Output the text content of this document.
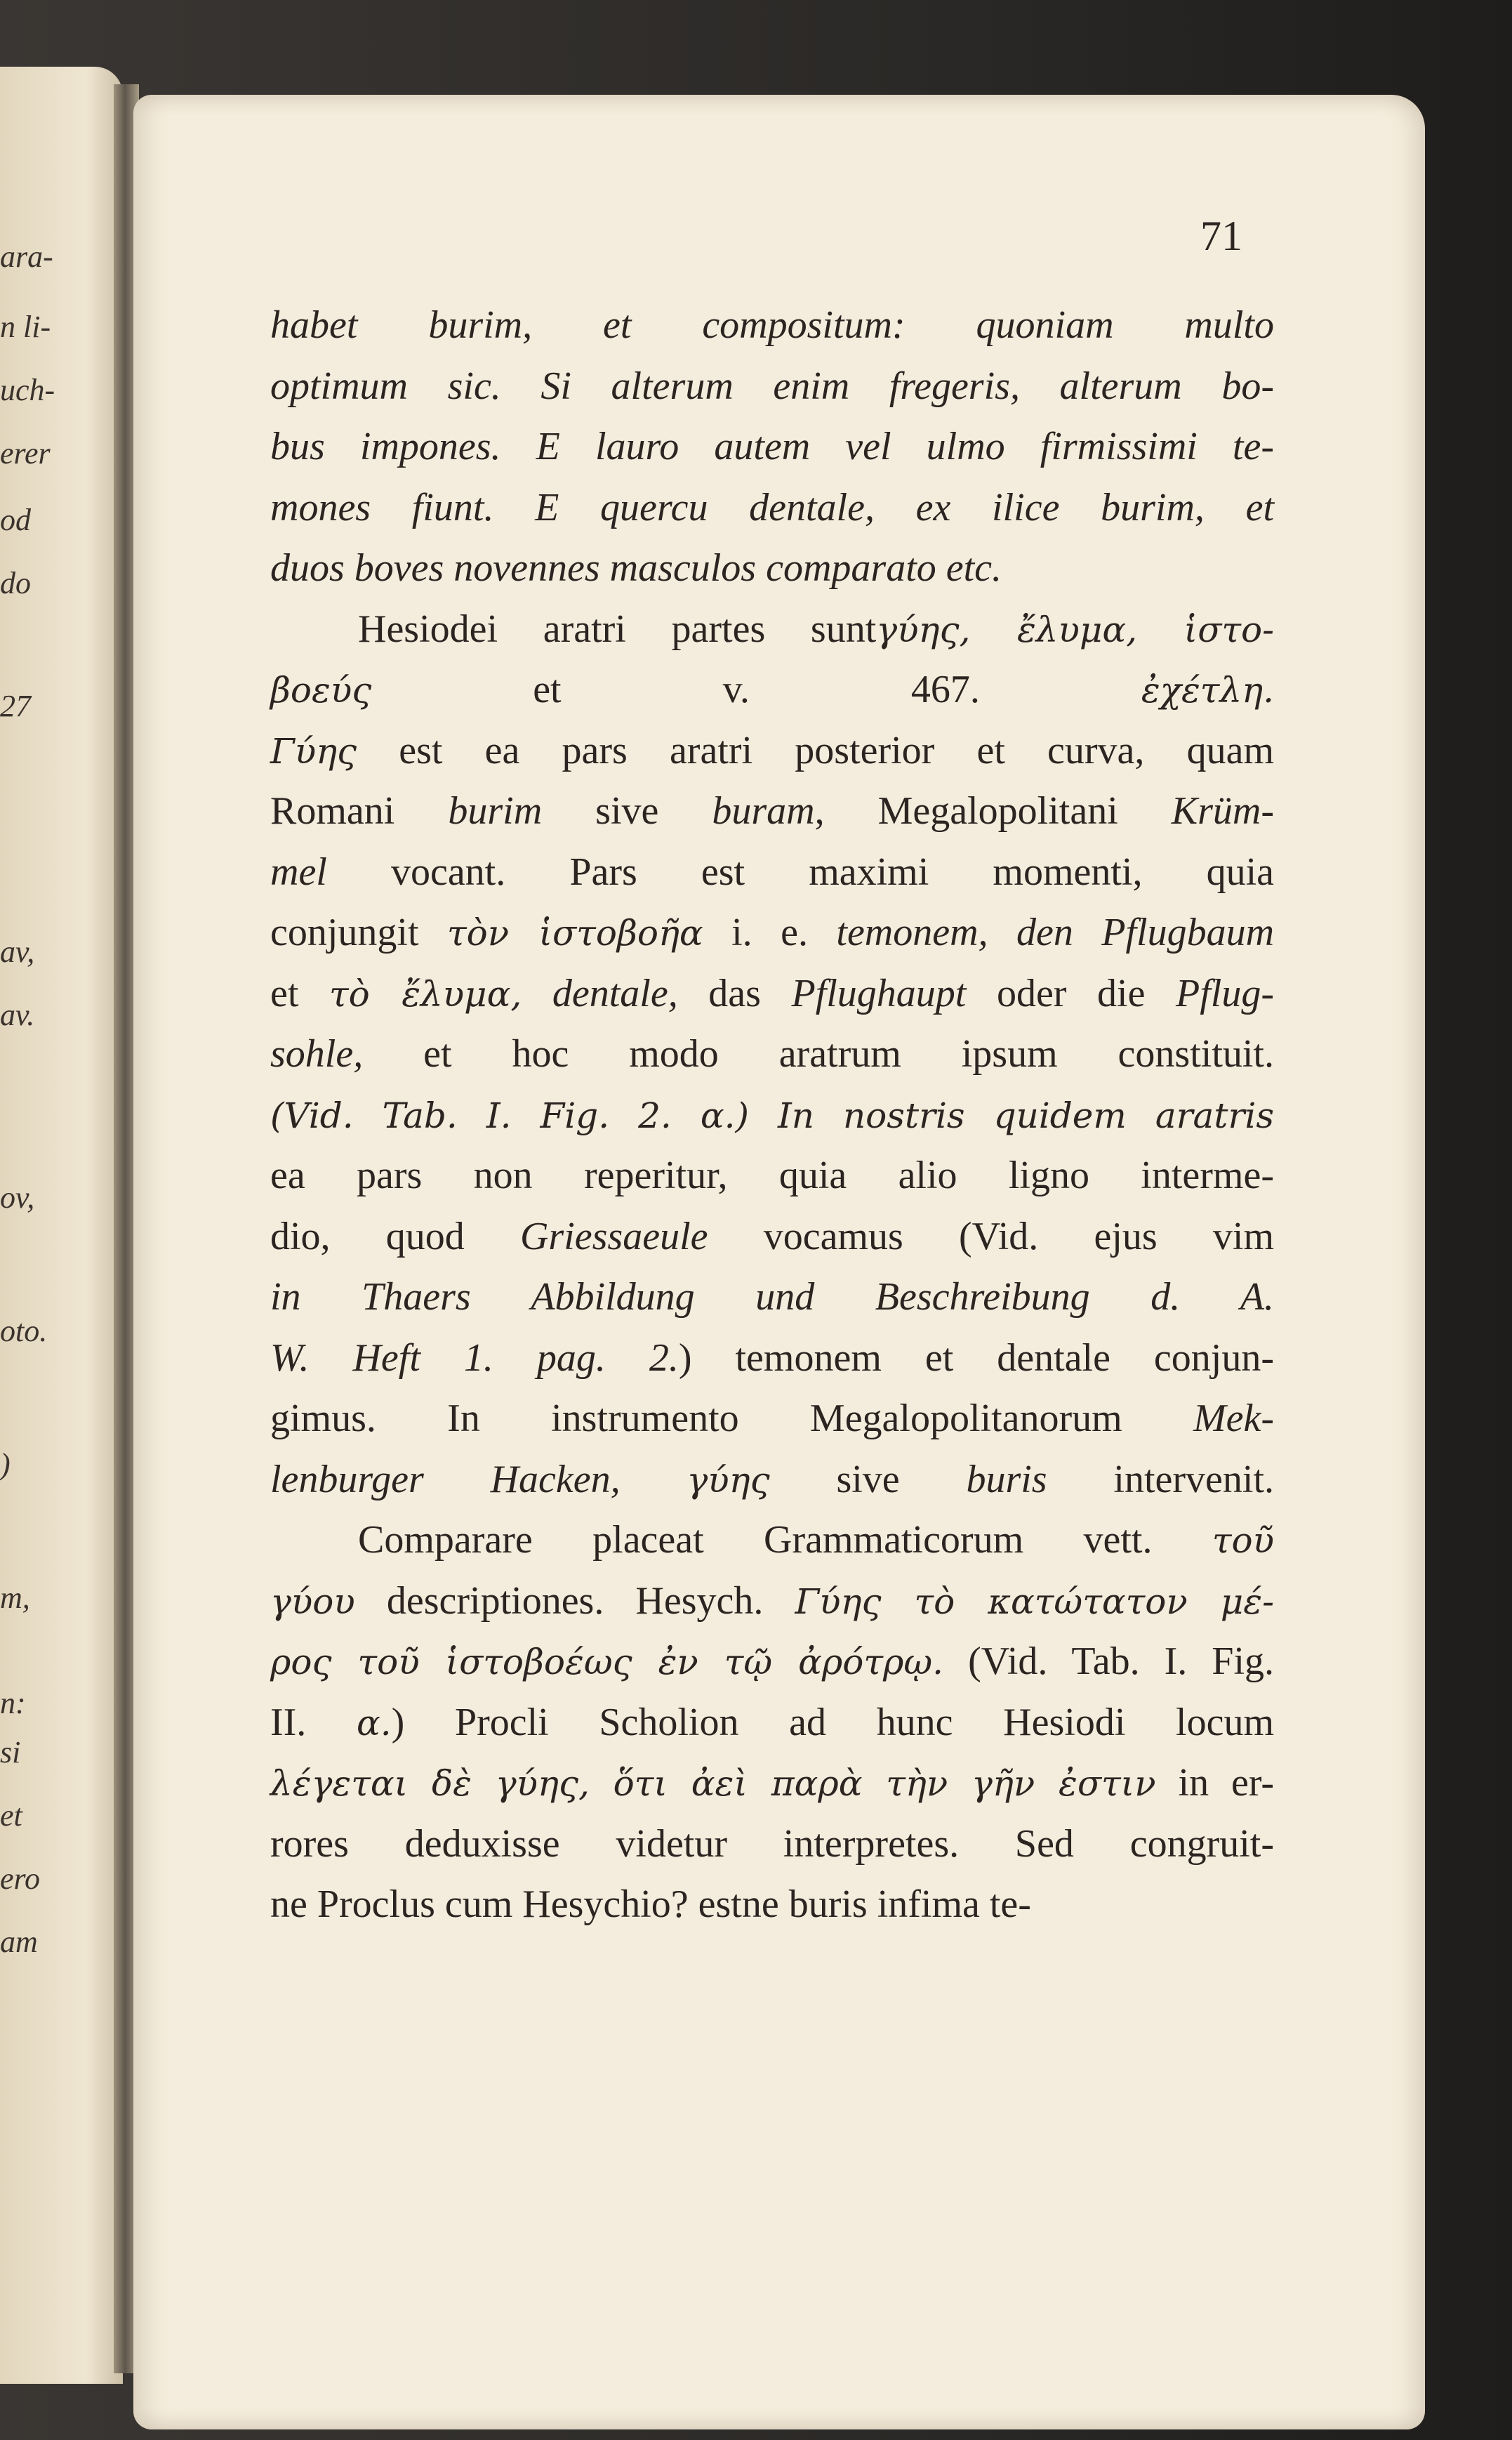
ara-
n li-
uch-
erer
od
do
27
av,
av.
ov,
oto.
)
m,
n:
si
et
ero
am
71
habet burim, et compositum: quoniam multo
optimum sic. Si alterum enim fregeris, alterum bo-
bus impones. E lauro autem vel ulmo firmissimi te-
mones fiunt. E quercu dentale, ex ilice burim, et
duos boves novennes masculos comparato etc.
Hesiodei aratri partes suntγύης, ἔλυμα, ἱστο-
βοεύς et v. 467. ἐχέτλη.
Γύης est ea pars aratri posterior et curva, quam
Romani burim sive buram, Megalopolitani Krüm-
mel vocant. Pars est maximi momenti, quia
conjungit τὸν ἱστοβοῆα i. e. temonem, den Pflugbaum
et τὸ ἔλυμα, dentale, das Pflughaupt oder die Pflug-
sohle, et hoc modo aratrum ipsum constituit.
(Vid. Tab. I. Fig. 2. α.) In nostris quidem aratris
ea pars non reperitur, quia alio ligno interme-
dio, quod Griessaeule vocamus (Vid. ejus vim
in Thaers Abbildung und Beschreibung d. A.
W. Heft 1. pag. 2.) temonem et dentale conjun-
gimus. In instrumento Megalopolitanorum Mek-
lenburger Hacken, γύης sive buris intervenit.
Comparare placeat Grammaticorum vett. τοῦ
γύου descriptiones. Hesych. Γύης τὸ κατώτατον μέ-
ρος τοῦ ἱστοβοέως ἐν τῷ ἀρότρῳ. (Vid. Tab. I. Fig.
II. α.) Procli Scholion ad hunc Hesiodi locum
λέγεται δὲ γύης, ὅτι ἀεὶ παρὰ τὴν γῆν ἐστιν in er-
rores deduxisse videtur interpretes. Sed congruit-
ne Proclus cum Hesychio? estne buris infima te-
